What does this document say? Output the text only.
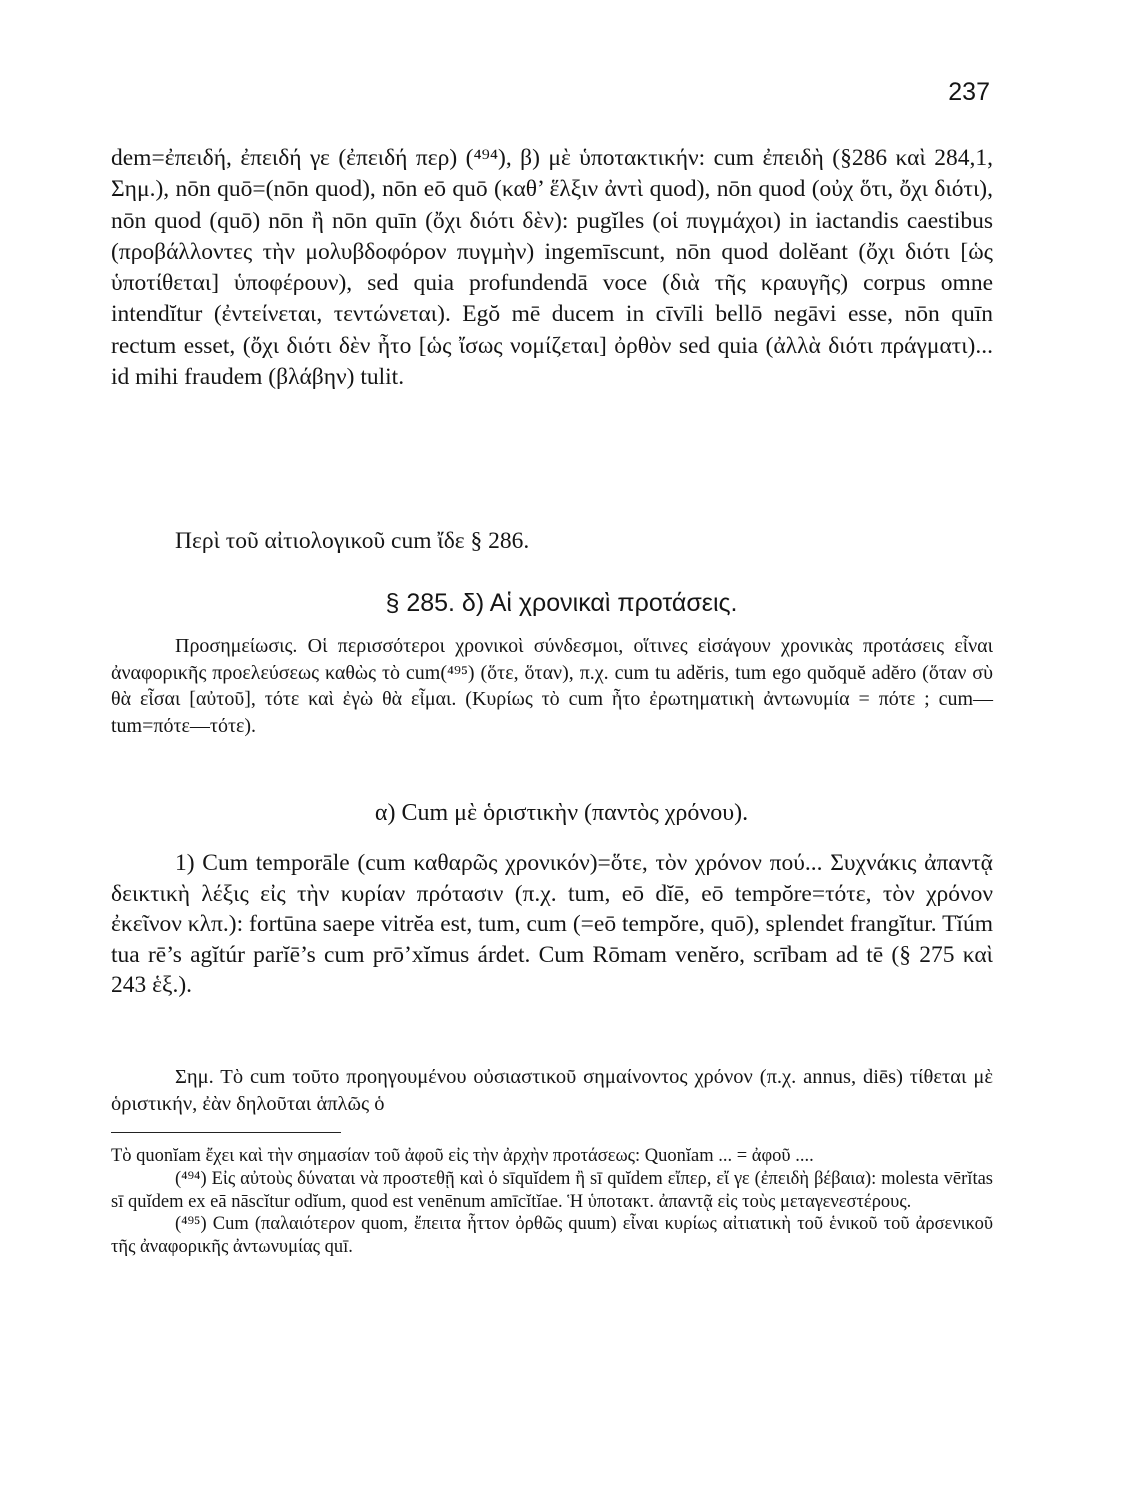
237

dem=ἐπειδή, ἐπειδή γε (ἐπειδή περ) (⁴⁹⁴), β) μὲ ὑποτακτικήν: cum ἐπειδὴ (§286 καὶ 284,1, Σημ.), nōn quō=(nōn quod), nōn eō quō (καθ’ ἕλξιν ἀντὶ quod), nōn quod (οὐχ ὅτι, ὄχι διότι), nōn quod (quō) nōn ἢ nōn quīn (ὄχι διότι δὲν): pugĭles (οἱ πυγμάχοι) in iactandis caestibus (προβάλλοντες τὴν μολυβδοφόρον πυγμὴν) ingemīscunt, nōn quod dolĕant (ὄχι διότι [ὡς ὑποτίθεται] ὑποφέρουν), sed quia profundendā voce (διὰ τῆς κραυγῆς) corpus omne intendĭtur (ἐντείνεται, τεντώνεται). Egŏ mē ducem in cīvīli bellō negāvi esse, nōn quīn rectum esset, (ὄχι διότι δὲν ἦτο [ὡς ἴσως νομίζεται] ὀρθὸν sed quia (ἀλλὰ διότι πράγματι)... id mihi fraudem (βλάβην) tulit.

Περὶ τοῦ αἰτιολογικοῦ cum ἴδε § 286.
§ 285. δ) Αἱ χρονικαὶ προτάσεις.

Προσημείωσις. Οἱ περισσότεροι χρονικοὶ σύνδεσμοι, οἵτινες εἰσάγουν χρονικὰς προτάσεις εἶναι ἀναφορικῆς προελεύσεως καθὼς τὸ cum(⁴⁹⁵) (ὅτε, ὅταν), π.χ. cum tu adĕris, tum ego quŏquĕ adĕro (ὅταν σὺ θὰ εἶσαι [αὐτοῦ], τότε καὶ ἐγὼ θὰ εἶμαι. (Κυρίως τὸ cum ἦτο ἐρωτηματικὴ ἀντωνυμία = πότε ; cum—tum=πότε—τότε).

α) Cum μὲ ὁριστικὴν (παντὸς χρόνου).

1) Cum temporāle (cum καθαρῶς χρονικόν)=ὅτε, τὸν χρόνον πού... Συχνάκις ἀπαντᾷ δεικτικὴ λέξις εἰς τὴν κυρίαν πρότασιν (π.χ. tum, eō dĭē, eō tempŏre=τότε, τὸν χρόνον ἐκεῖνον κλπ.): fortūna saepe vitrĕa est, tum, cum (=eō tempŏre, quō), splendet frangĭtur. Tĭúm tua rē’s agĭtúr parĭē’s cum prō’xĭmus árdet. Cum Rōmam venĕro, scrībam ad tē (§ 275 καὶ 243 ἑξ.).

Σημ. Τὸ cum τοῦτο προηγουμένου οὐσιαστικοῦ σημαίνοντος χρόνον (π.χ. annus, diēs) τίθεται μὲ ὁριστικήν, ἐὰν δηλοῦται ἁπλῶς ὁ

Τὸ quonĭam ἔχει καὶ τὴν σημασίαν τοῦ ἀφοῦ εἰς τὴν ἀρχὴν προτάσεως: Quonĭam ... = ἀφοῦ ....

(⁴⁹⁴) Εἰς αὐτοὺς δύναται νὰ προστεθῇ καὶ ὁ sīquĭdem ἢ sī quĭdem εἴπερ, εἴ γε (ἐπειδὴ βέβαια): molesta vērĭtas sī quĭdem ex eā nāscĭtur odĭum, quod est venēnum amīcĭtĭae. Ἡ ὑποτακτ. ἀπαντᾷ εἰς τοὺς μεταγενεστέρους.

(⁴⁹⁵) Cum (παλαιότερον quom, ἔπειτα ἧττον ὀρθῶς quum) εἶναι κυρίως αἰτιατικὴ τοῦ ἑνικοῦ τοῦ ἀρσενικοῦ τῆς ἀναφορικῆς ἀντωνυμίας quī.
